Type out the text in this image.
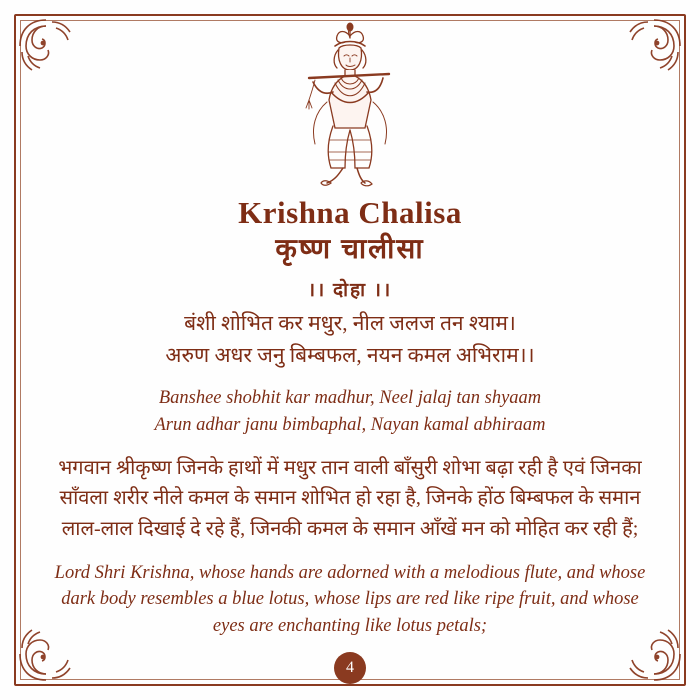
Krishna Chalisa
कृष्ण चालीसा
।। दोहा ।।
बंशी शोभित कर मधुर, नील जलज तन श्याम।
अरुण अधर जनु बिम्बफल, नयन कमल अभिराम।।
Banshee shobhit kar madhur, Neel jalaj tan shyaam
Arun adhar janu bimbaphal, Nayan kamal abhiraam
भगवान श्रीकृष्ण जिनके हाथों में मधुर तान वाली बाँसुरी शोभा बढ़ा रही है एवं जिनका साँवला शरीर नीले कमल के समान शोभित हो रहा है, जिनके होंठ बिम्बफल के समान लाल-लाल दिखाई दे रहे हैं, जिनकी कमल के समान आँखें मन को मोहित कर रही हैं;
Lord Shri Krishna, whose hands are adorned with a melodious flute, and whose dark body resembles a blue lotus, whose lips are red like ripe fruit, and whose eyes are enchanting like lotus petals;
4
